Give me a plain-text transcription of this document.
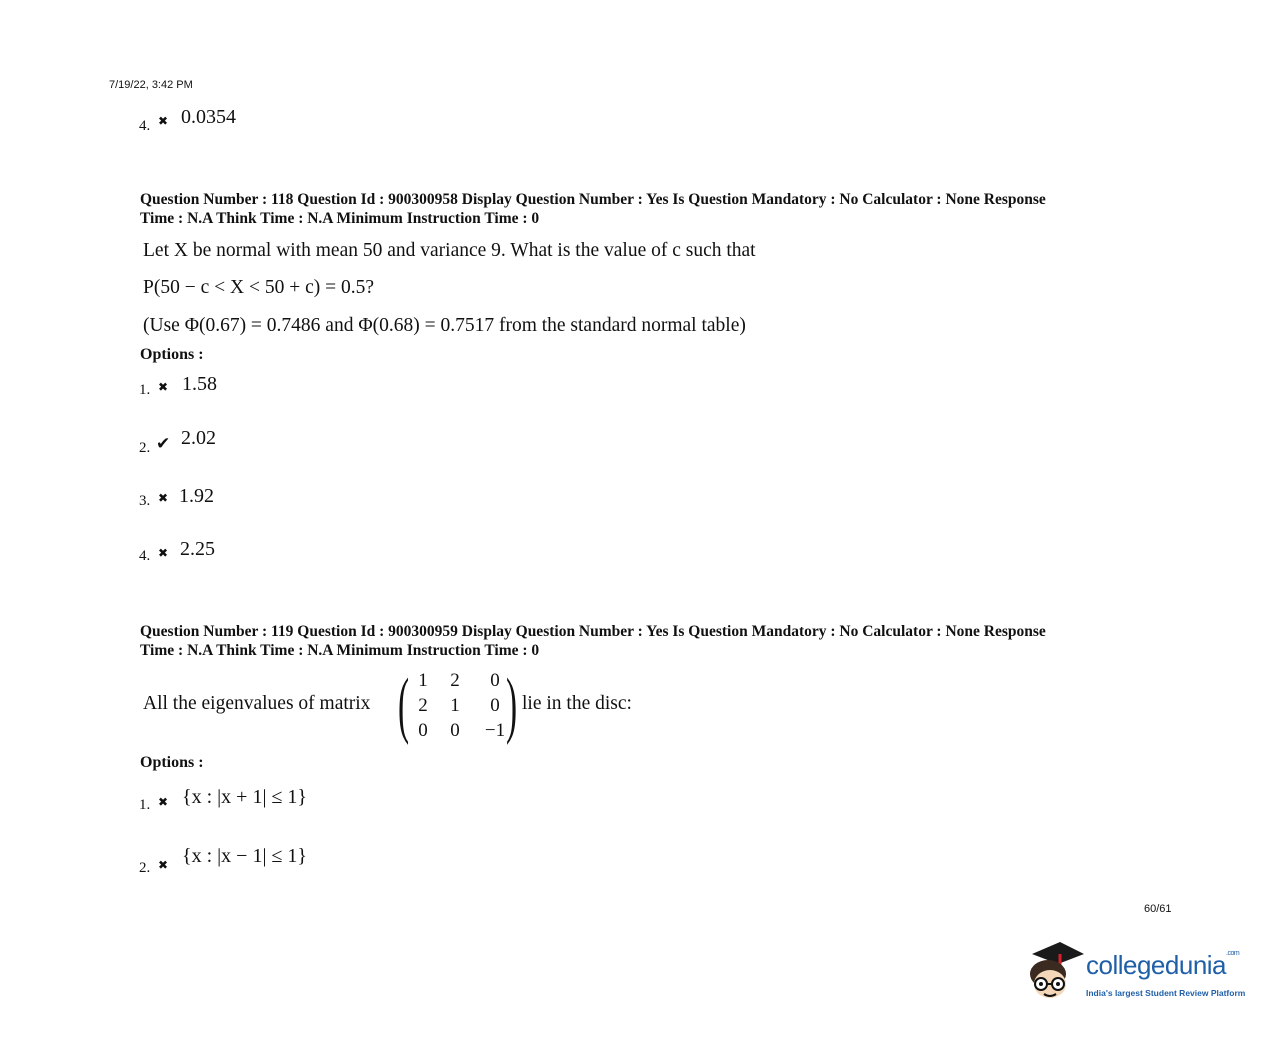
7/19/22, 3:42 PM
4. ✖ 0.0354
Question Number : 118 Question Id : 900300958 Display Question Number : Yes Is Question Mandatory : No Calculator : None Response
Time : N.A Think Time : N.A Minimum Instruction Time : 0
Let X be normal with mean 50 and variance 9. What is the value of c such that
P(50 − c < X < 50 + c) = 0.5?
(Use Φ(0.67) = 0.7486 and Φ(0.68) = 0.7517 from the standard normal table)
Options :
1. ✖ 1.58
2. ✔ 2.02
3. ✖ 1.92
4. ✖ 2.25
Question Number : 119 Question Id : 900300959 Display Question Number : Yes Is Question Mandatory : No Calculator : None Response
Time : N.A Think Time : N.A Minimum Instruction Time : 0
All the eigenvalues of matrix ( 1	2	0
2	1	0
0	0	−1 ) lie in the disc:
Options :
1. ✖ {x : |x + 1| ≤ 1}
2. ✖ {x : |x − 1| ≤ 1}
60/61
collegedunia$^{.com}$
India's largest Student Review Platform
